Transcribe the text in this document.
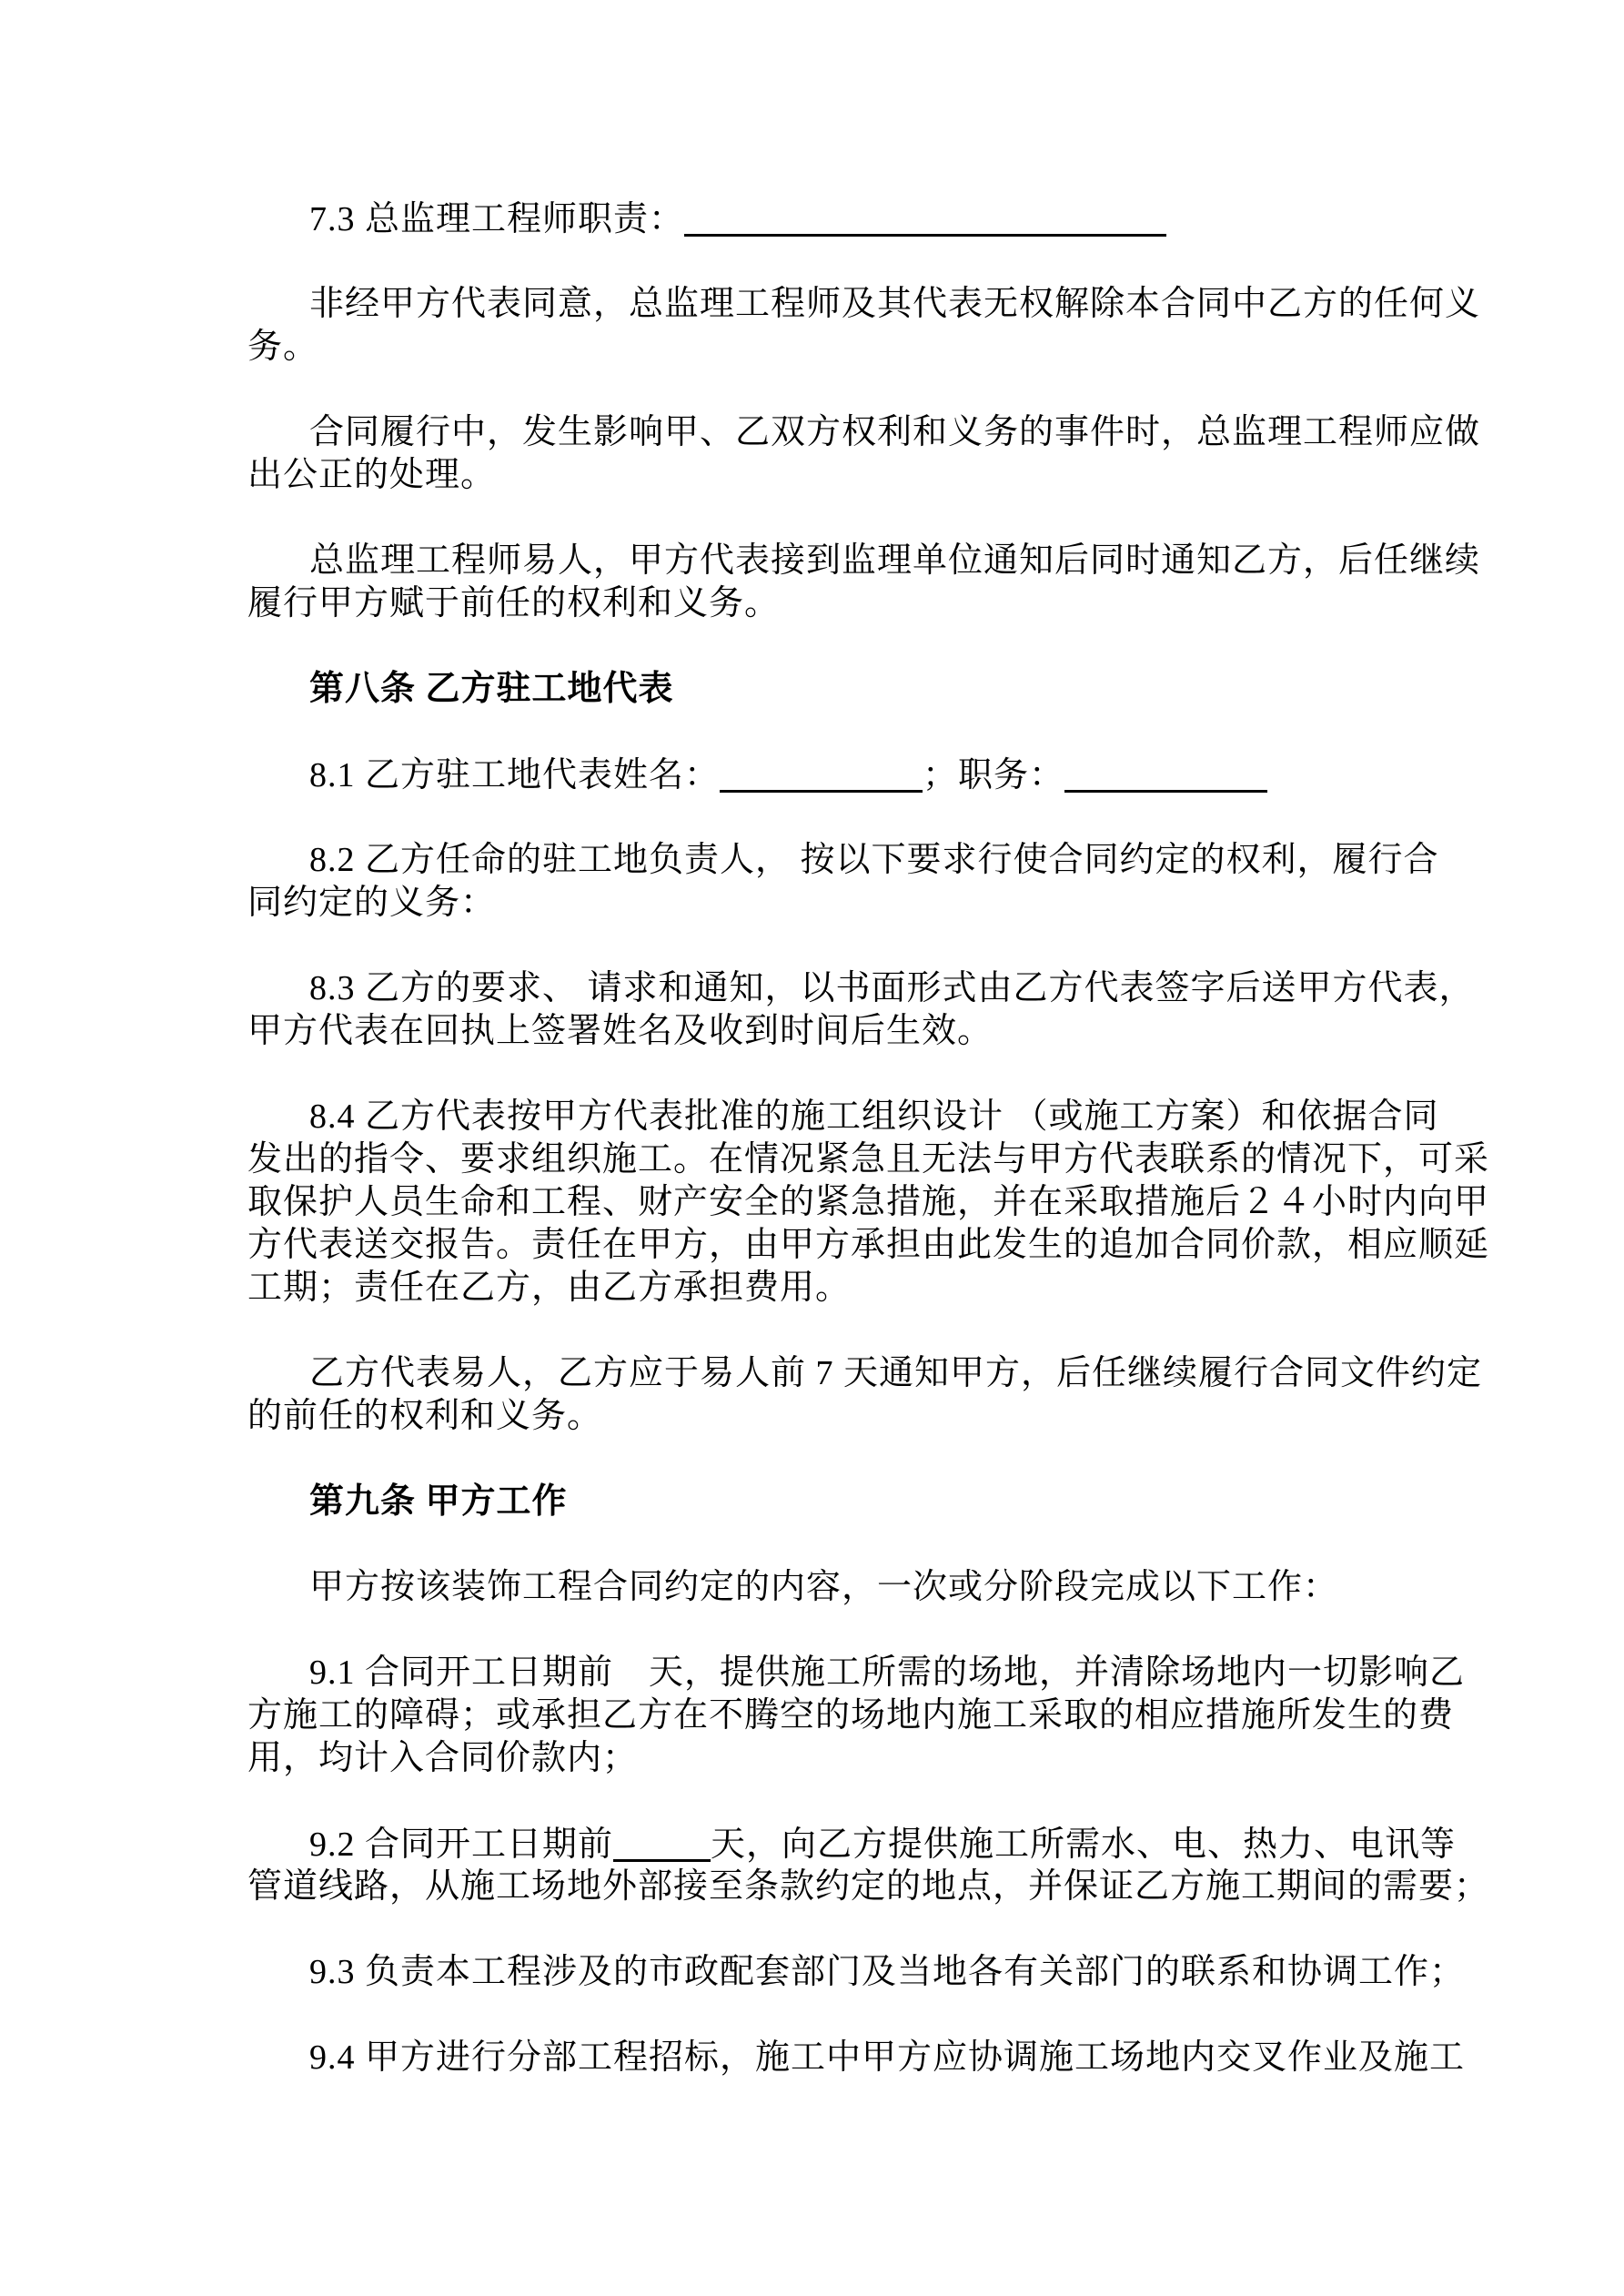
7.3 总监理工程师职责：
非经甲方代表同意，总监理工程师及其代表无权解除本合同中乙方的任何义
务。
合同履行中，发生影响甲、乙双方权利和义务的事件时，总监理工程师应做
出公正的处理。
总监理工程师易人，甲方代表接到监理单位通知后同时通知乙方，后任继续
履行甲方赋于前任的权利和义务。
第八条 乙方驻工地代表
8.1 乙方驻工地代表姓名：	；职务：
8.2 乙方任命的驻工地负责人， 按以下要求行使合同约定的权利，履行合
同约定的义务：
8.3 乙方的要求、 请求和通知，以书面形式由乙方代表签字后送甲方代表，
甲方代表在回执上签署姓名及收到时间后生效。
8.4 乙方代表按甲方代表批准的施工组织设计 （或施工方案）和依据合同
发出的指令、要求组织施工。在情况紧急且无法与甲方代表联系的情况下，可采
取保护人员生命和工程、财产安全的紧急措施，并在采取措施后２４小时内向甲
方代表送交报告。责任在甲方，由甲方承担由此发生的追加合同价款，相应顺延
工期；责任在乙方，由乙方承担费用。
乙方代表易人，乙方应于易人前 7 天通知甲方，后任继续履行合同文件约定
的前任的权利和义务。
第九条 甲方工作
甲方按该装饰工程合同约定的内容，一次或分阶段完成以下工作：
9.1 合同开工日期前　天，提供施工所需的场地，并清除场地内一切影响乙
方施工的障碍；或承担乙方在不腾空的场地内施工采取的相应措施所发生的费
用，均计入合同价款内；
9.2 合同开工日期前	天，向乙方提供施工所需水、电、热力、电讯等
管道线路，从施工场地外部接至条款约定的地点，并保证乙方施工期间的需要；
9.3 负责本工程涉及的市政配套部门及当地各有关部门的联系和协调工作；
9.4 甲方进行分部工程招标，施工中甲方应协调施工场地内交叉作业及施工
